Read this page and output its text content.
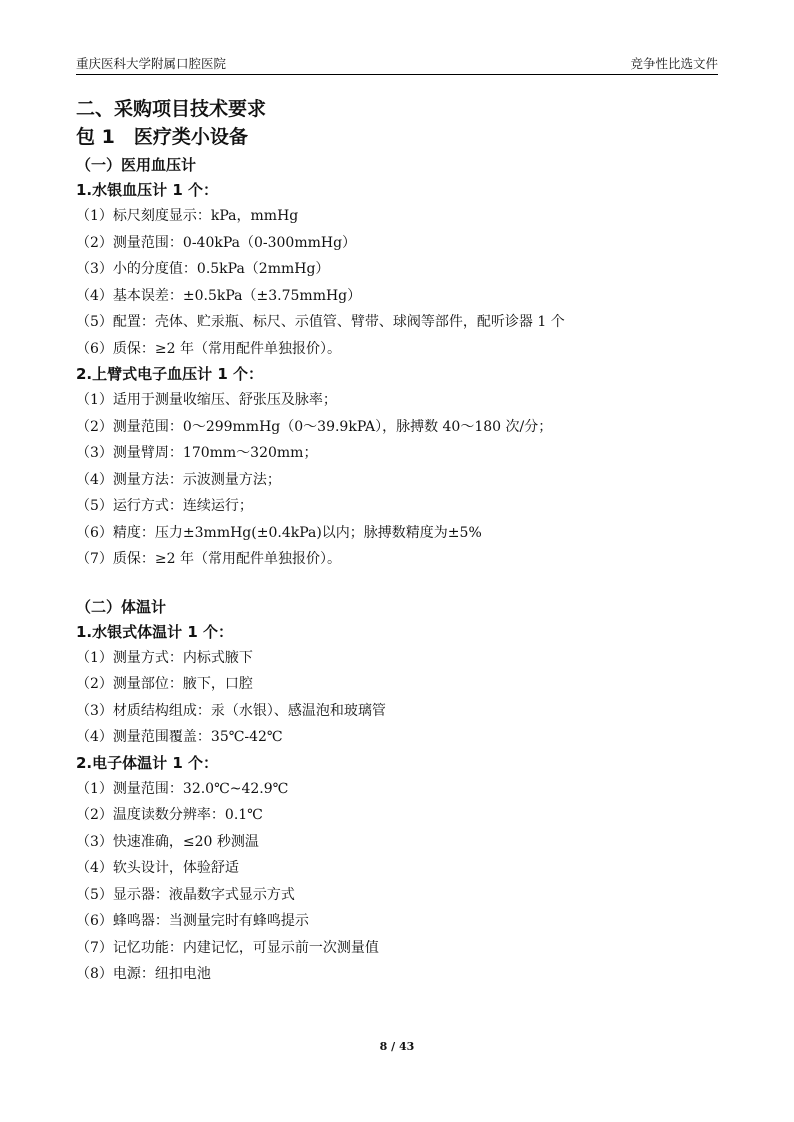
重庆医科大学附属口腔医院	竞争性比选文件

二、采购项目技术要求

包 1　医疗类小设备

（一）医用血压计

1.水银血压计 1 个：

（1）标尺刻度显示：kPa，mmHg

（2）测量范围：0-40kPa（0-300mmHg）

（3）小的分度值：0.5kPa（2mmHg）

（4）基本误差：±0.5kPa（±3.75mmHg）

（5）配置：壳体、贮汞瓶、标尺、示值管、臂带、球阀等部件，配听诊器 1 个

（6）质保：≥2 年（常用配件单独报价）。

2.上臂式电子血压计 1 个：

（1）适用于测量收缩压、舒张压及脉率；

（2）测量范围：0～299mmHg（0～39.9kPA），脉搏数 40～180 次/分；

（3）测量臂周：170mm～320mm；

（4）测量方法：示波测量方法；

（5）运行方式：连续运行；

（6）精度：压力±3mmHg(±0.4kPa)以内；脉搏数精度为±5%

（7）质保：≥2 年（常用配件单独报价）。

（二）体温计

1.水银式体温计 1 个：

（1）测量方式：内标式腋下

（2）测量部位：腋下，口腔

（3）材质结构组成：汞（水银）、感温泡和玻璃管

（4）测量范围覆盖：35℃-42℃

2.电子体温计 1 个：

（1）测量范围：32.0℃~42.9℃

（2）温度读数分辨率：0.1℃

（3）快速准确，≤20 秒测温

（4）软头设计，体验舒适

（5）显示器：液晶数字式显示方式

（6）蜂鸣器：当测量完时有蜂鸣提示

（7）记忆功能：内建记忆，可显示前一次测量值

（8）电源：纽扣电池

8 / 43
